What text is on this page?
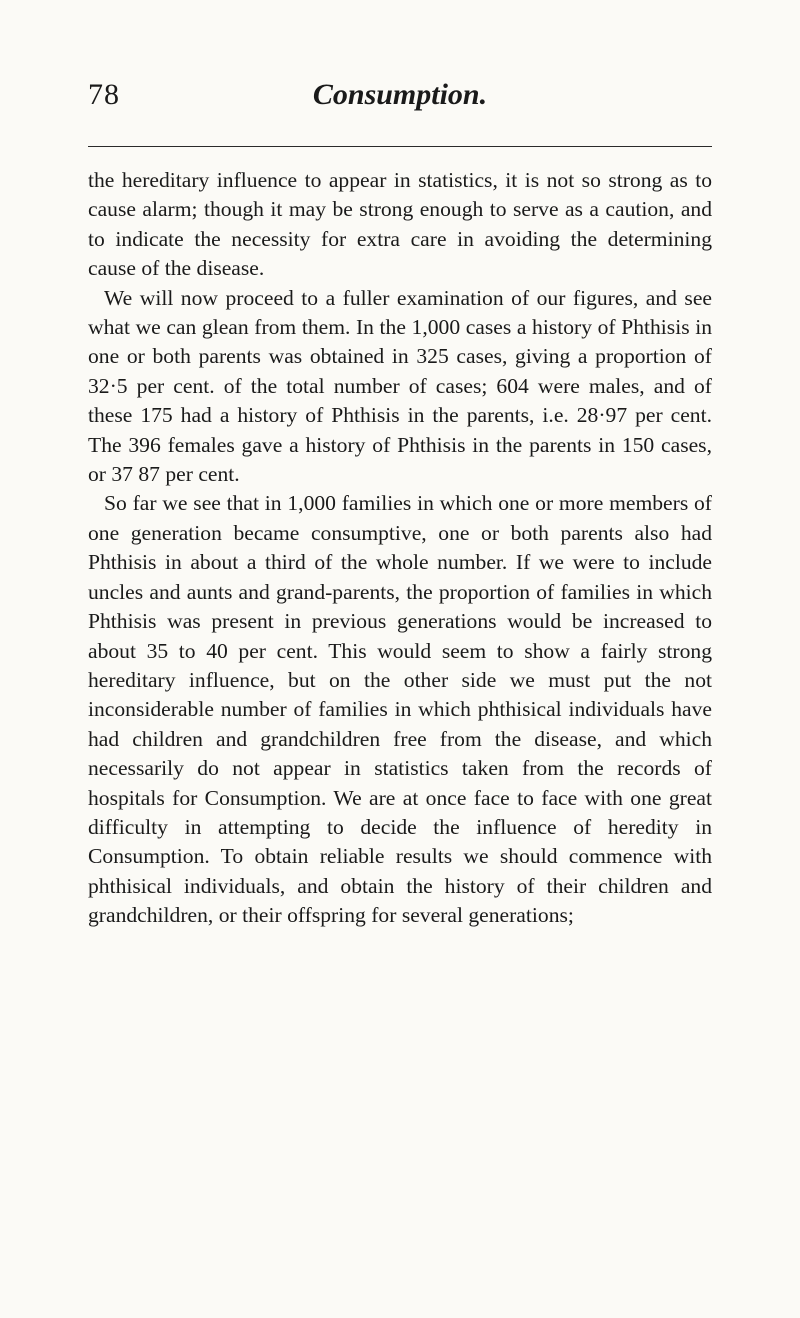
78	Consumption.

the hereditary influence to appear in statistics, it is not so strong as to cause alarm; though it may be strong enough to serve as a caution, and to indicate the necessity for extra care in avoiding the determining cause of the disease.

We will now proceed to a fuller examination of our figures, and see what we can glean from them. In the 1,000 cases a history of Phthisis in one or both parents was obtained in 325 cases, giving a proportion of 32·5 per cent. of the total number of cases; 604 were males, and of these 175 had a history of Phthisis in the parents, i.e. 28·97 per cent. The 396 females gave a history of Phthisis in the parents in 150 cases, or 37 87 per cent.

So far we see that in 1,000 families in which one or more members of one generation became consumptive, one or both parents also had Phthisis in about a third of the whole number. If we were to include uncles and aunts and grand-parents, the proportion of families in which Phthisis was present in previous generations would be increased to about 35 to 40 per cent. This would seem to show a fairly strong hereditary influence, but on the other side we must put the not inconsiderable number of families in which phthisical individuals have had children and grandchildren free from the disease, and which necessarily do not appear in statistics taken from the records of hospitals for Consumption. We are at once face to face with one great difficulty in attempting to decide the influence of heredity in Consumption. To obtain reliable results we should commence with phthisical individuals, and obtain the history of their children and grandchildren, or their offspring for several generations;
